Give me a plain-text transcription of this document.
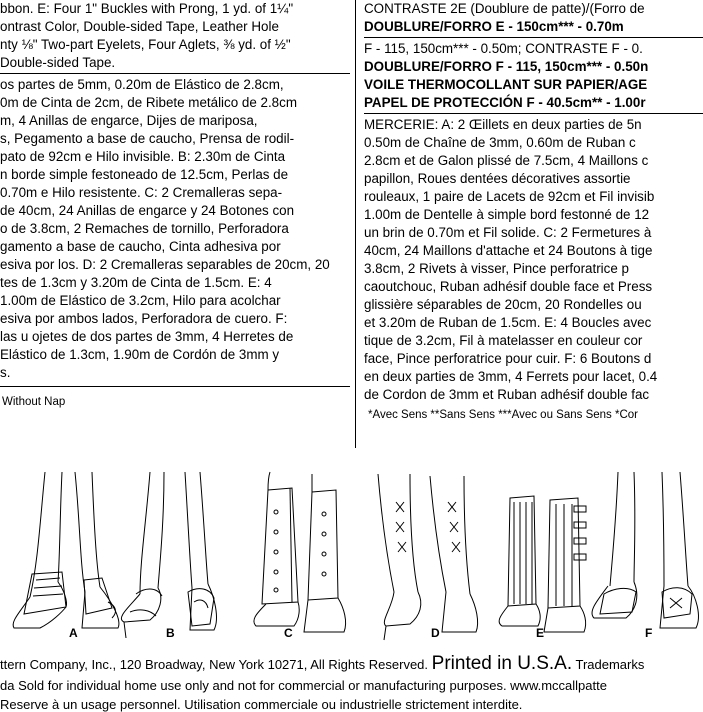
bbon. E: Four 1" Buckles with Prong, 1 yd. of 1¼"

ontrast Color, Double-sided Tape, Leather Hole

nty ⅛" Two-part Eyelets, Four Aglets, ⅜ yd. of ½"

Double-sided Tape.

os partes de 5mm, 0.20m de Elástico de 2.8cm,

0m de Cinta de 2cm, de Ribete metálico de 2.8cm

m, 4 Anillas de engarce, Dijes de mariposa,

s, Pegamento a base de caucho, Prensa de rodil-

pato de 92cm e Hilo invisible. B: 2.30m de Cinta

n borde simple festoneado de 12.5cm, Perlas de

0.70m e Hilo resistente. C: 2 Cremalleras sepa-

de 40cm, 24 Anillas de engarce y 24 Botones con

o de 3.8cm, 2 Remaches de tornillo, Perforadora

gamento a base de caucho, Cinta adhesiva por

esiva por los. D: 2 Cremalleras separables de 20cm, 20

tes de 1.3cm y 3.20m de Cinta de 1.5cm. E: 4

1.00m de Elástico de 3.2cm, Hilo para acolchar

esiva por ambos lados, Perforadora de cuero. F:

las u ojetes de dos partes de 3mm, 4 Herretes de

Elástico de 1.3cm, 1.90m de Cordón de 3mm y

s.

Without Nap

CONTRASTE 2E (Doublure de patte)/(Forro de

DOUBLURE/FORRO E - 150cm*** - 0.70m

F - 115, 150cm*** - 0.50m; CONTRASTE F - 0.

DOUBLURE/FORRO F - 115, 150cm*** - 0.50n

VOILE THERMOCOLLANT SUR PAPIER/AGE

PAPEL DE PROTECCIÓN F - 40.5cm** - 1.00r

MERCERIE: A: 2 Œillets en deux parties de 5n

0.50m de Chaîne de 3mm, 0.60m de Ruban c

2.8cm et de Galon plissé de 7.5cm, 4 Maillons c

papillon, Roues dentées décoratives assortie

rouleaux, 1 paire de Lacets de 92cm et Fil invisib

1.00m de Dentelle à simple bord festonné de 12

un brin de 0.70m et Fil solide. C: 2 Fermetures à

40cm, 24 Maillons d'attache et 24 Boutons à tige

3.8cm, 2 Rivets à visser, Pince perforatrice p

caoutchouc, Ruban adhésif double face et Press

glissière séparables de 20cm, 20 Rondelles ou

et 3.20m de Ruban de 1.5cm. E: 4 Boucles avec

tique de 3.2cm, Fil à matelasser en couleur cor

face, Pince perforatrice pour cuir. F: 6 Boutons d

en deux parties de 3mm, 4 Ferrets pour lacet, 0.4

de Cordon de 3mm et Ruban adhésif double fac

*Avec Sens **Sans Sens ***Avec ou Sans Sens *Cor

A	B	C	D	E	F
ttern Company, Inc., 120 Broadway, New York 10271, All Rights Reserved. Printed in U.S.A. Trademarks
da Sold for individual home use only and not for commercial or manufacturing purposes. www.mccallpatte
Reserve à un usage personnel. Utilisation commerciale ou industrielle strictement interdite.
